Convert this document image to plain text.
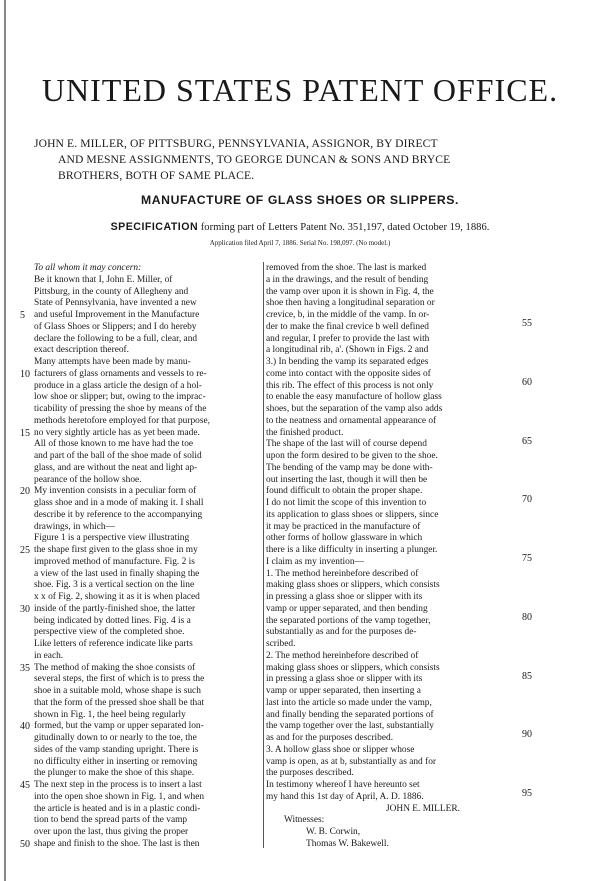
UNITED STATES PATENT OFFICE.
JOHN E. MILLER, OF PITTSBURG, PENNSYLVANIA, ASSIGNOR, BY DIRECT

AND MESNE ASSIGNMENTS, TO GEORGE DUNCAN & SONS AND BRYCE
BROTHERS, BOTH OF SAME PLACE.
MANUFACTURE OF GLASS SHOES OR SLIPPERS.
SPECIFICATION forming part of Letters Patent No. 351,197, dated October 19, 1886.
Application filed April 7, 1886. Serial No. 198,097. (No model.)
To all whom it may concern:
Be it known that I, John E. Miller, of
Pittsburg, in the county of Allegheny and
State of Pennsylvania, have invented a new
and useful Improvement in the Manufacture
of Glass Shoes or Slippers; and I do hereby
declare the following to be a full, clear, and
exact description thereof.
Many attempts have been made by manu-
facturers of glass ornaments and vessels to re-
produce in a glass article the design of a hol-
low shoe or slipper; but, owing to the imprac-
ticability of pressing the shoe by means of the
methods heretofore employed for that purpose,
no very sightly article has as yet been made.
All of those known to me have had the toe
and part of the ball of the shoe made of solid
glass, and are without the neat and light ap-
pearance of the hollow shoe.
My invention consists in a peculiar form of
glass shoe and in a mode of making it. I shall
describe it by reference to the accompanying
drawings, in which—
Figure 1 is a perspective view illustrating
the shape first given to the glass shoe in my
improved method of manufacture. Fig. 2 is
a view of the last used in finally shaping the
shoe. Fig. 3 is a vertical section on the line
x x of Fig. 2, showing it as it is when placed
inside of the partly-finished shoe, the latter
being indicated by dotted lines. Fig. 4 is a
perspective view of the completed shoe.
Like letters of reference indicate like parts
in each.
The method of making the shoe consists of
several steps, the first of which is to press the
shoe in a suitable mold, whose shape is such
that the form of the pressed shoe shall be that
shown in Fig. 1, the heel being regularly
formed, but the vamp or upper separated lon-
gitudinally down to or nearly to the toe, the
sides of the vamp standing upright. There is
no difficulty either in inserting or removing
the plunger to make the shoe of this shape.
The next step in the process is to insert a last
into the open shoe shown in Fig. 1, and when
the article is heated and is in a plastic condi-
tion to bend the spread parts of the vamp
over upon the last, thus giving the proper
shape and finish to the shoe. The last is then
removed from the shoe. The last is marked
a in the drawings, and the result of bending
the vamp over upon it is shown in Fig. 4, the
shoe then having a longitudinal separation or
crevice, b, in the middle of the vamp. In or-
der to make the final crevice b well defined
and regular, I prefer to provide the last with
a longitudinal rib, a'. (Shown in Figs. 2 and
3.) In bending the vamp its separated edges
come into contact with the opposite sides of
this rib. The effect of this process is not only
to enable the easy manufacture of hollow glass
shoes, but the separation of the vamp also adds
to the neatness and ornamental appearance of
the finished product.
The shape of the last will of course depend
upon the form desired to be given to the shoe.
The bending of the vamp may be done with-
out inserting the last, though it will then be
found difficult to obtain the proper shape.
I do not limit the scope of this invention to
its application to glass shoes or slippers, since
it may be practiced in the manufacture of
other forms of hollow glassware in which
there is a like difficulty in inserting a plunger.
I claim as my invention—
1. The method hereinbefore described of
making glass shoes or slippers, which consists
in pressing a glass shoe or slipper with its
vamp or upper separated, and then bending
the separated portions of the vamp together,
substantially as and for the purposes de-
scribed.
2. The method hereinbefore described of
making glass shoes or slippers, which consists
in pressing a glass shoe or slipper with its
vamp or upper separated, then inserting a
last into the article so made under the vamp,
and finally bending the separated portions of
the vamp together over the last, substantially
as and for the purposes described.
3. A hollow glass shoe or slipper whose
vamp is open, as at b, substantially as and for
the purposes described.
In testimony whereof I have hereunto set
my hand this 1st day of April, A. D. 1886.
JOHN E. MILLER.
Witnesses:
W. B. Corwin,
Thomas W. Bakewell.
5
10
15
20
25
30
35
40
45
50
55
60
65
70
75
80
85
90
95
